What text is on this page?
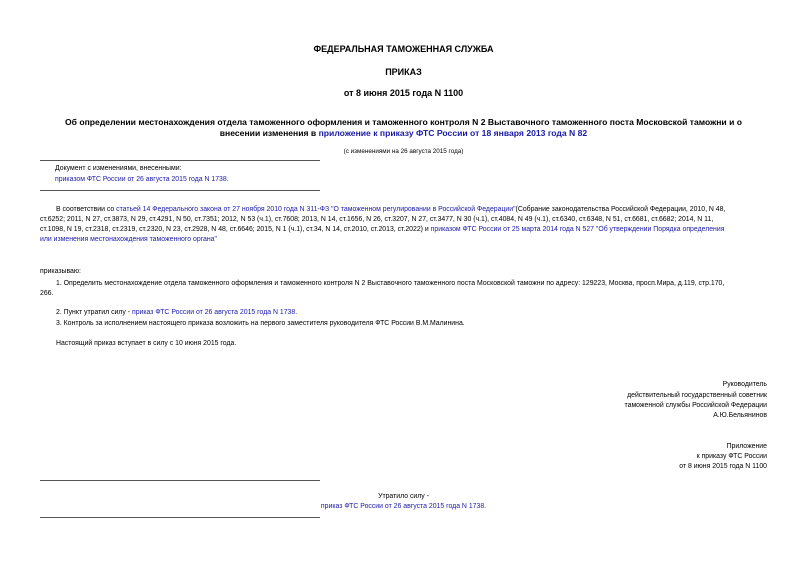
ФЕДЕРАЛЬНАЯ ТАМОЖЕННАЯ СЛУЖБА
ПРИКАЗ
от 8 июня 2015 года N 1100
Об определении местонахождения отдела таможенного оформления и таможенного контроля N 2 Выставочного таможенного поста Московской таможни и о
внесении изменения в приложение к приказу ФТС России от 18 января 2013 года N 82
(с изменениями на 26 августа 2015 года)
Документ с изменениями, внесенными:
приказом ФТС России от 26 августа 2015 года N 1738.
В соответствии со статьей 14 Федерального закона от 27 ноября 2010 года N 311-ФЗ "О таможенном регулировании в Российской Федерации"(Собрание законодательства Российской Федерации, 2010, N 48,
ст.6252; 2011, N 27, ст.3873, N 29, ст.4291, N 50, ст.7351; 2012, N 53 (ч.1), ст.7608; 2013, N 14, ст.1656, N 26, ст.3207, N 27, ст.3477, N 30 (ч.1), ст.4084, N 49 (ч.1), ст.6340, ст.6348, N 51, ст.6681, ст.6682; 2014, N 11,
ст.1098, N 19, ст.2318, ст.2319, ст.2320, N 23, ст.2928, N 48, ст.6646; 2015, N 1 (ч.1), ст.34, N 14, ст.2010, ст.2013, ст.2022) и приказом ФТС России от 25 марта 2014 года N 527 "Об утверждении Порядка определения
или изменения местонахождения таможенного органа"
приказываю:
1. Определить местонахождение отдела таможенного оформления и таможенного контроля N 2 Выставочного таможенного поста Московской таможни по адресу: 129223, Москва, просп.Мира, д.119, стр.170,
266.
2. Пункт утратил силу - приказ ФТС России от 26 августа 2015 года N 1738.
3. Контроль за исполнением настоящего приказа возложить на первого заместителя руководителя ФТС России В.М.Малинина.
Настоящий приказ вступает в силу с 10 июня 2015 года.
Руководитель
действительный государственный советник
таможенной службы Российской Федерации
А.Ю.Бельянинов
Приложение
к приказу ФТС России
от 8 июня 2015 года N 1100
Утратило силу -
приказ ФТС России от 26 августа 2015 года N 1738.
